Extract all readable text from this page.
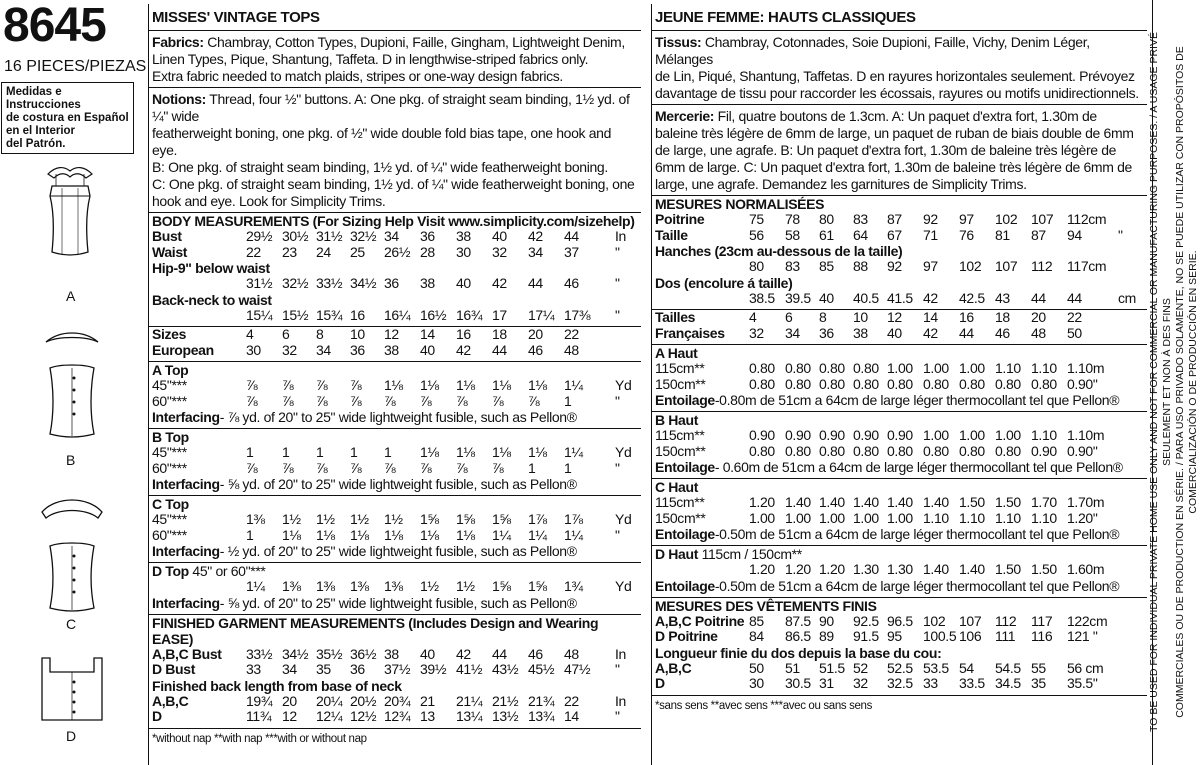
8645
16 PIECES/PIEZAS
Medidas e Instrucciones
de costura en Español
en el Interior
del Patrón.
A
B
C
D
MISSES' VINTAGE TOPS
Fabrics: Chambray, Cotton Types, Dupioni, Faille, Gingham, Lightweight Denim,
Linen Types, Pique, Shantung, Taffeta. D in lengthwise-striped fabrics only.
Extra fabric needed to match plaids, stripes or one-way design fabrics.
Notions: Thread, four ½" buttons. A: One pkg. of straight seam binding, 1½ yd. of ¼" wide
featherweight boning, one pkg. of ½" wide double fold bias tape, one hook and eye.
B: One pkg. of straight seam binding, 1½ yd. of ¼" wide featherweight boning.
C: One pkg. of straight seam binding, 1½ yd. of ¼" wide featherweight boning, one
hook and eye. Look for Simplicity Trims.
BODY MEASUREMENTS (For Sizing Help Visit www.simplicity.com/sizehelp)
Bust	29½ 30½ 31½ 32½ 34 36 38 40 42 44	In
Waist	22 23 24 25 26½ 28 30 32 34 37	"
Hip-9" below waist
31½ 32½ 33½ 34½ 36 38 40 42 44 46	"
Back-neck to waist
15¼ 15½ 15¾ 16 16¼ 16½ 16¾ 17 17¼ 17⅜ "
Sizes	4 6 8 10 12 14 16 18 20 22
European 30 32 34 36 38 40 42 44 46 48
A Top
45"***	⅞ ⅞ ⅞ ⅞ 1⅛ 1⅛ 1⅛ 1⅛ 1⅛ 1¼ Yd
60"***	⅞ ⅞ ⅞ ⅞ ⅞ ⅞ ⅞ ⅞ ⅞ 1	"
Interfacing- ⅞ yd. of 20" to 25" wide lightweight fusible, such as Pellon®
B Top
45"***	1 1 1 1 1 1⅛ 1⅛ 1⅛ 1⅛ 1¼ Yd
60"***	⅞ ⅞ ⅞ ⅞ ⅞ ⅞ ⅞ ⅞ 1 1	"
Interfacing- ⅝ yd. of 20" to 25" wide lightweight fusible, such as Pellon®
C Top
45"***	1⅜ 1½ 1½ 1½ 1½ 1⅝ 1⅝ 1⅝ 1⅞ 1⅞ Yd
60"***	1 1⅛ 1⅛ 1⅛ 1⅛ 1⅛ 1⅛ 1¼ 1¼ 1¼ "
Interfacing- ½ yd. of 20" to 25" wide lightweight fusible, such as Pellon®
D Top 45" or 60"***
1¼ 1⅜ 1⅜ 1⅜ 1⅜ 1½ 1½ 1⅝ 1⅝ 1¾ Yd
Interfacing- ⅝ yd. of 20" to 25" wide lightweight fusible, such as Pellon®
FINISHED GARMENT MEASUREMENTS (Includes Design and Wearing EASE)
A,B,C Bust 33½ 34½ 35½ 36½ 38 40 42 44 46 48	In
D Bust	33 34 35 36 37½ 39½ 41½ 43½ 45½ 47½ "
Finished back length from base of neck
A,B,C	19¾ 20 20¼ 20½ 20¾ 21 21¼ 21½ 21¾ 22	In
D	11¾ 12 12¼ 12½ 12¾ 13 13¼ 13½ 13¾ 14	"
*without nap **with nap ***with or without nap
JEUNE FEMME: HAUTS CLASSIQUES
Tissus: Chambray, Cotonnades, Soie Dupioni, Faille, Vichy, Denim Léger, Mélanges
de Lin, Piqué, Shantung, Taffetas. D en rayures horizontales seulement. Prévoyez
davantage de tissu pour raccorder les écossais, rayures ou motifs unidirectionnels.
Mercerie: Fil, quatre boutons de 1.3cm. A: Un paquet d'extra fort, 1.30m de
baleine très légère de 6mm de large, un paquet de ruban de biais double de 6mm
de large, une agrafe. B: Un paquet d'extra fort, 1.30m de baleine très légère de
6mm de large. C: Un paquet d'extra fort, 1.30m de baleine très légère de 6mm de
large, une agrafe. Demandez les garnitures de Simplicity Trims.
MESURES NORMALISÉES
Poitrine	75 78 80 83 87 92 97 102 107 112cm
Taille	56 58 61 64 67 71 76 81 87 94	"
Hanches (23cm au-dessous de la taille)
80 83 85 88 92 97 102 107 112 117cm
Dos (encolure á taille)
38.5 39.5 40 40.5 41.5 42 42.5 43 44 44	cm
Tailles	4 6 8 10 12 14 16 18 20 22
Françaises 32 34 36 38 40 42 44 46 48 50
A Haut
115cm**	0.80 0.80 0.80 0.80 1.00 1.00 1.00 1.10 1.10 1.10m
150cm**	0.80 0.80 0.80 0.80 0.80 0.80 0.80 0.80 0.80 0.90"
Entoilage-0.80m de 51cm a 64cm de large léger thermocollant tel que Pellon®
B Haut
115cm**	0.90 0.90 0.90 0.90 0.90 1.00 1.00 1.00 1.10 1.10m
150cm**	0.80 0.80 0.80 0.80 0.80 0.80 0.80 0.80 0.90 0.90"
Entoilage- 0.60m de 51cm a 64cm de large léger thermocollant tel que Pellon®
C Haut
115cm**	1.20 1.40 1.40 1.40 1.40 1.40 1.50 1.50 1.70 1.70m
150cm**	1.00 1.00 1.00 1.00 1.00 1.10 1.10 1.10 1.10 1.20"
Entoilage-0.50m de 51cm a 64cm de large léger thermocollant tel que Pellon®
D Haut 115cm / 150cm**
1.20 1.20 1.20 1.30 1.30 1.40 1.40 1.50 1.50 1.60m
Entoilage-0.50m de 51cm a 64cm de large léger thermocollant tel que Pellon®
MESURES DES VÊTEMENTS FINIS
A,B,C Poitrine 85 87.5 90 92.5 96.5 102 107 112 117 122cm
D Poitrine 84 86.5 89 91.5 95 100.5 106 111 116 121 "
Longueur finie du dos depuis la base du cou:
A,B,C	50 51 51.5 52 52.5 53.5 54 54.5 55 56 cm
D	30 30.5 31 32 32.5 33 33.5 34.5 35 35.5"
*sans sens **avec sens ***avec ou sans sens	TO BE USED FOR INDIVIDUAL PRIVATE HOME USE ONLY AND NOT FOR COMMERCIAL OR MANUFACTURING PURPOSES. / A USAGE PRIVÉ SEULEMENT ET NON À DES FINS COMMERCIALES OU DE PRODUCTION EN SÉRIE. / PARA USO PRIVADO SOLAMENTE, NO SE PUEDE UTILIZAR CON PROPÓSITOS DE COMERCIALIZACIÓN O DE PRODUCCIÓN EN SERIE.
